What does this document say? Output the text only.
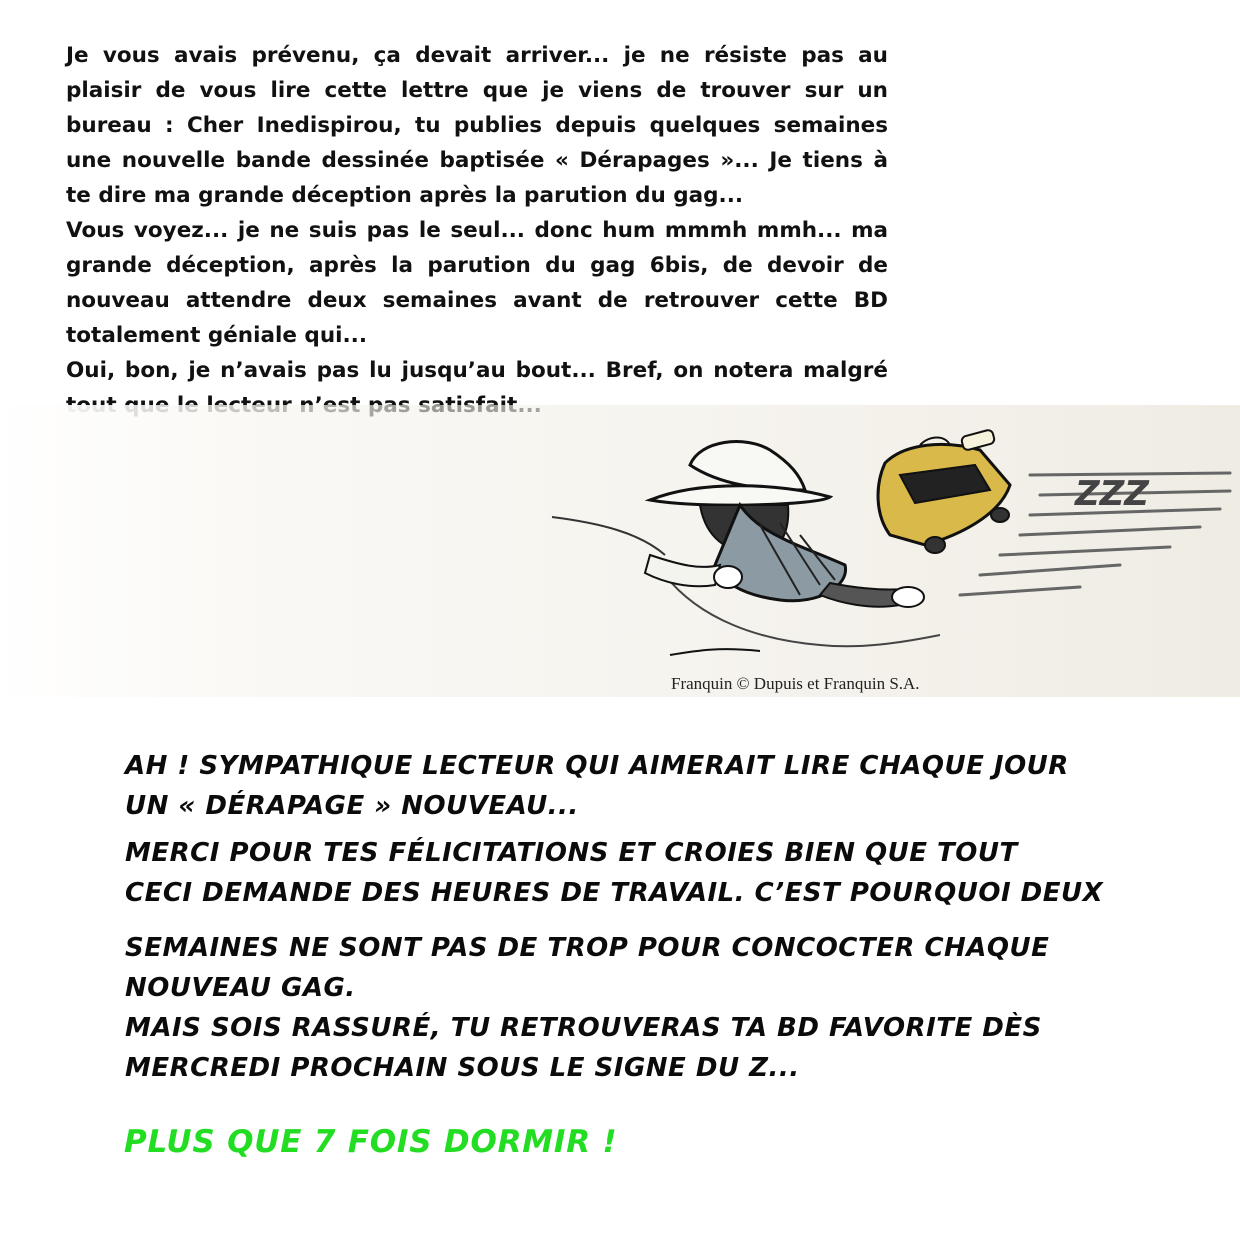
Je vous avais prévenu, ça devait arriver... je ne résiste pas au plaisir de vous lire cette lettre que je viens de trouver sur un bureau : Cher Inedispirou, tu publies depuis quelques semaines une nouvelle bande dessinée baptisée « Dérapages »... Je tiens à te dire ma grande déception après la parution du gag...

Vous voyez... je ne suis pas le seul... donc hum mmmh mmh... ma grande déception, après la parution du gag 6bis, de devoir de nouveau attendre deux semaines avant de retrouver cette BD totalement géniale qui...

Oui, bon, je n’avais pas lu jusqu’au bout... Bref, on notera malgré

ZZZ
Franquin © Dupuis et Franquin S.A.
AH ! SYMPATHIQUE LECTEUR QUI AIMERAIT LIRE CHAQUE JOUR
UN « DÉRAPAGE » NOUVEAU...
MERCI POUR TES FÉLICITATIONS ET CROIES BIEN QUE TOUT
CECI DEMANDE DES HEURES DE TRAVAIL. C’EST POURQUOI DEUX
SEMAINES NE SONT PAS DE TROP POUR CONCOCTER CHAQUE
NOUVEAU GAG.
MAIS SOIS RASSURÉ, TU RETROUVERAS TA BD FAVORITE DÈS
MERCREDI PROCHAIN SOUS LE SIGNE DU Z...
PLUS QUE 7 FOIS DORMIR !
